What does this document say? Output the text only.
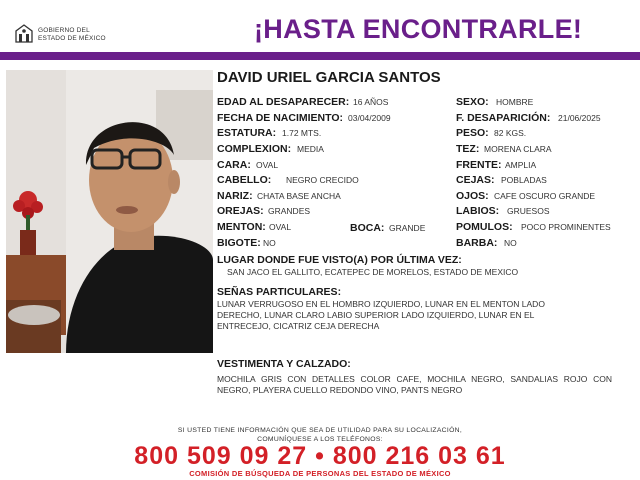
GOBIERNO DEL
ESTADO DE MÉXICO	¡HASTA ENCONTRARLE!
DAVID URIEL GARCIA SANTOS
EDAD AL DESAPARECER: 16 AÑOS
FECHA DE NACIMIENTO: 03/04/2009
ESTATURA: 1.72 MTS.
COMPLEXION: MEDIA
CARA: OVAL
CABELLO: NEGRO CRECIDO
NARIZ: CHATA BASE ANCHA
OREJAS: GRANDES
MENTON: OVAL
BIGOTE: NO
BOCA: GRANDE
SEXO: HOMBRE
F. DESAPARICIÓN: 21/06/2025
PESO: 82 KGS.
TEZ: MORENA CLARA
FRENTE: AMPLIA
CEJAS: POBLADAS
OJOS: CAFE OSCURO GRANDE
LABIOS: GRUESOS
POMULOS: POCO PROMINENTES
BARBA: NO
LUGAR DONDE FUE VISTO(A) POR ÚLTIMA VEZ:
SAN JACO EL GALLITO, ECATEPEC DE MORELOS, ESTADO DE MEXICO
SEÑAS PARTICULARES:
LUNAR VERRUGOSO EN EL HOMBRO IZQUIERDO, LUNAR EN EL MENTON LADO DERECHO, LUNAR CLARO LABIO SUPERIOR LADO IZQUIERDO, LUNAR EN EL ENTRECEJO, CICATRIZ CEJA DERECHA
VESTIMENTA Y CALZADO:
MOCHILA GRIS CON DETALLES COLOR CAFE, MOCHILA NEGRO, SANDALIAS ROJO CON NEGRO, PLAYERA CUELLO REDONDO VINO, PANTS NEGRO
SI USTED TIENE INFORMACIÓN QUE SEA DE UTILIDAD PARA SU LOCALIZACIÓN,
COMUNÍQUESE A LOS TELÉFONOS:
800 509 09 27 • 800 216 03 61
COMISIÓN DE BÚSQUEDA DE PERSONAS DEL ESTADO DE MÉXICO
